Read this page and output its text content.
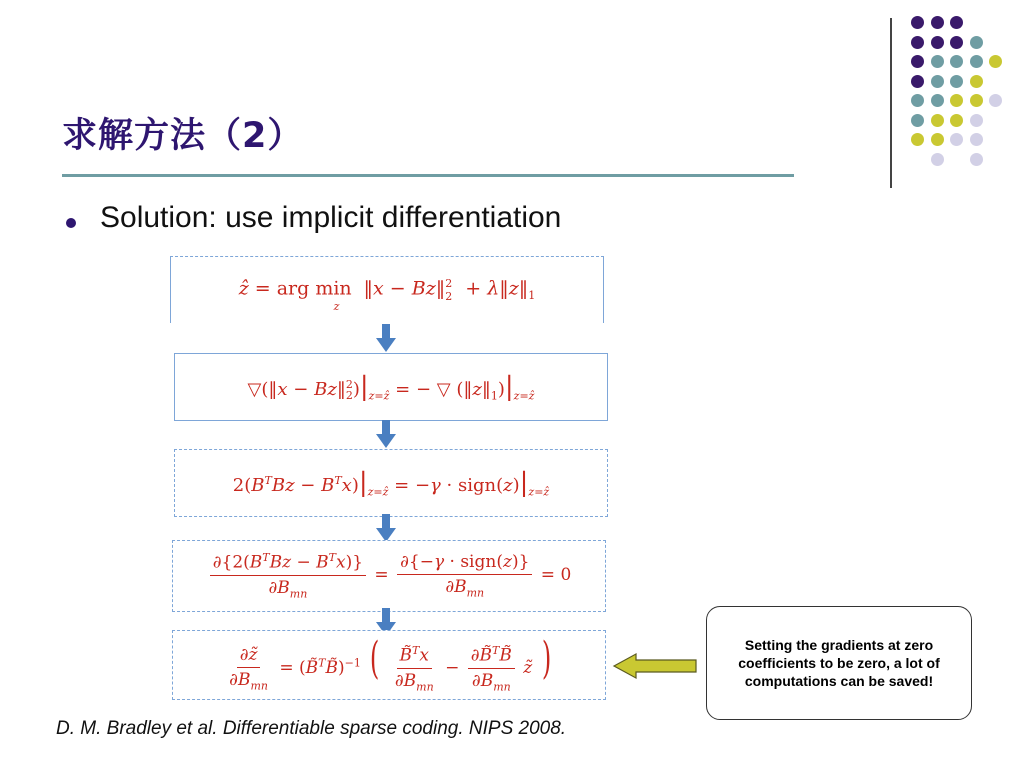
求解方法（2）
Solution: use implicit differentiation
ẑ = arg $\min_z$ ‖x − Bz‖$^2_2$ + $\lambda‖z‖_1$
▽(‖x − $Bz‖^2_2)|_{z=ẑ}$ = − ▽ $(‖z‖_1)|_{z=ẑ}$
$2(B^TBz - B^Tx)|_{z=ẑ} = -\gamma$ · $sign(z)|_{z=ẑ}$
$\frac{\partial\{2(B^TBz - B^Tx)\}}{\partial B_{mn}} = \frac{\text{∂\{−γ · sign(z)\}}}{\partial B_{mn}} = 0$
$\frac{\partial z̃}{\partial B_{mn}}$ = (B̃$^T$B̃)$^{-1}$ ( $\frac{B̃^Tx}{\partial B_{mn}} - \frac{\partial B̃^TB̃}{\partial B_{mn}}$ z̃ )	Setting the gradients at zero coefficients to be zero, a lot of computations can be saved!
D. M. Bradley et al. Differentiable sparse coding. NIPS 2008.
